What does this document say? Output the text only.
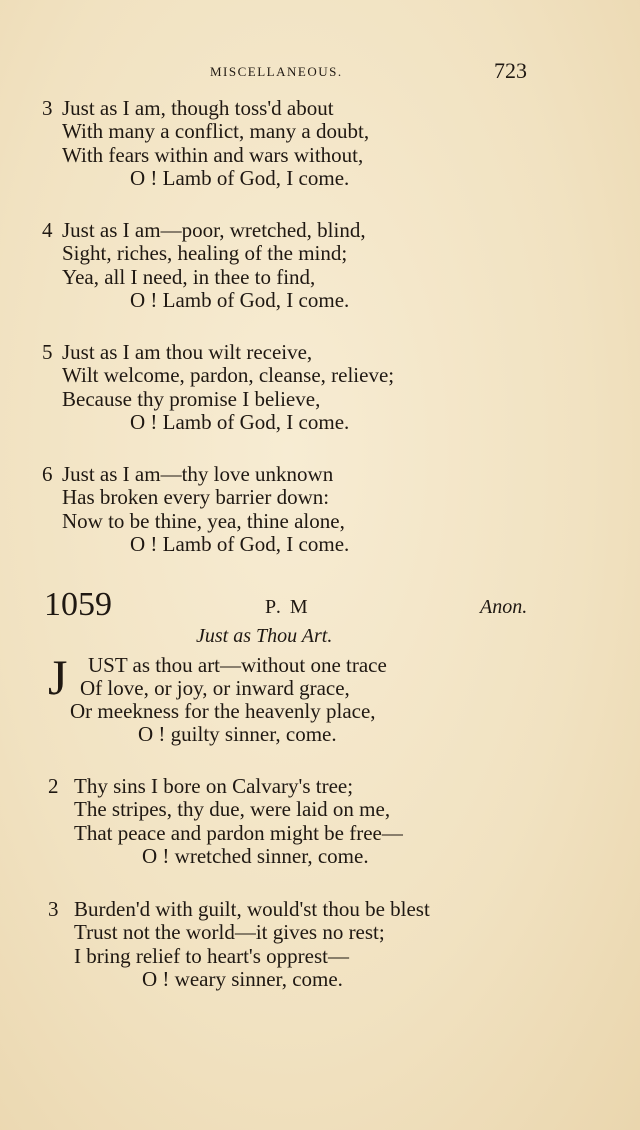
MISCELLANEOUS.	723
3 Just as I am, though toss'd about
With many a conflict, many a doubt,
With fears within and wars without,
O ! Lamb of God, I come.
4 Just as I am—poor, wretched, blind,
Sight, riches, healing of the mind;
Yea, all I need, in thee to find,
O ! Lamb of God, I come.
5 Just as I am thou wilt receive,
Wilt welcome, pardon, cleanse, relieve;
Because thy promise I believe,
O ! Lamb of God, I come.
6 Just as I am—thy love unknown
Has broken every barrier down:
Now to be thine, yea, thine alone,
O ! Lamb of God, I come.
1059	P. M	Anon.
Just as Thou Art.
J UST as thou art—without one trace
Of love, or joy, or inward grace,
Or meekness for the heavenly place,
O ! guilty sinner, come.
2 Thy sins I bore on Calvary's tree;
The stripes, thy due, were laid on me,
That peace and pardon might be free—
O ! wretched sinner, come.
3 Burden'd with guilt, would'st thou be blest
Trust not the world—it gives no rest;
I bring relief to heart's opprest—
O ! weary sinner, come.
